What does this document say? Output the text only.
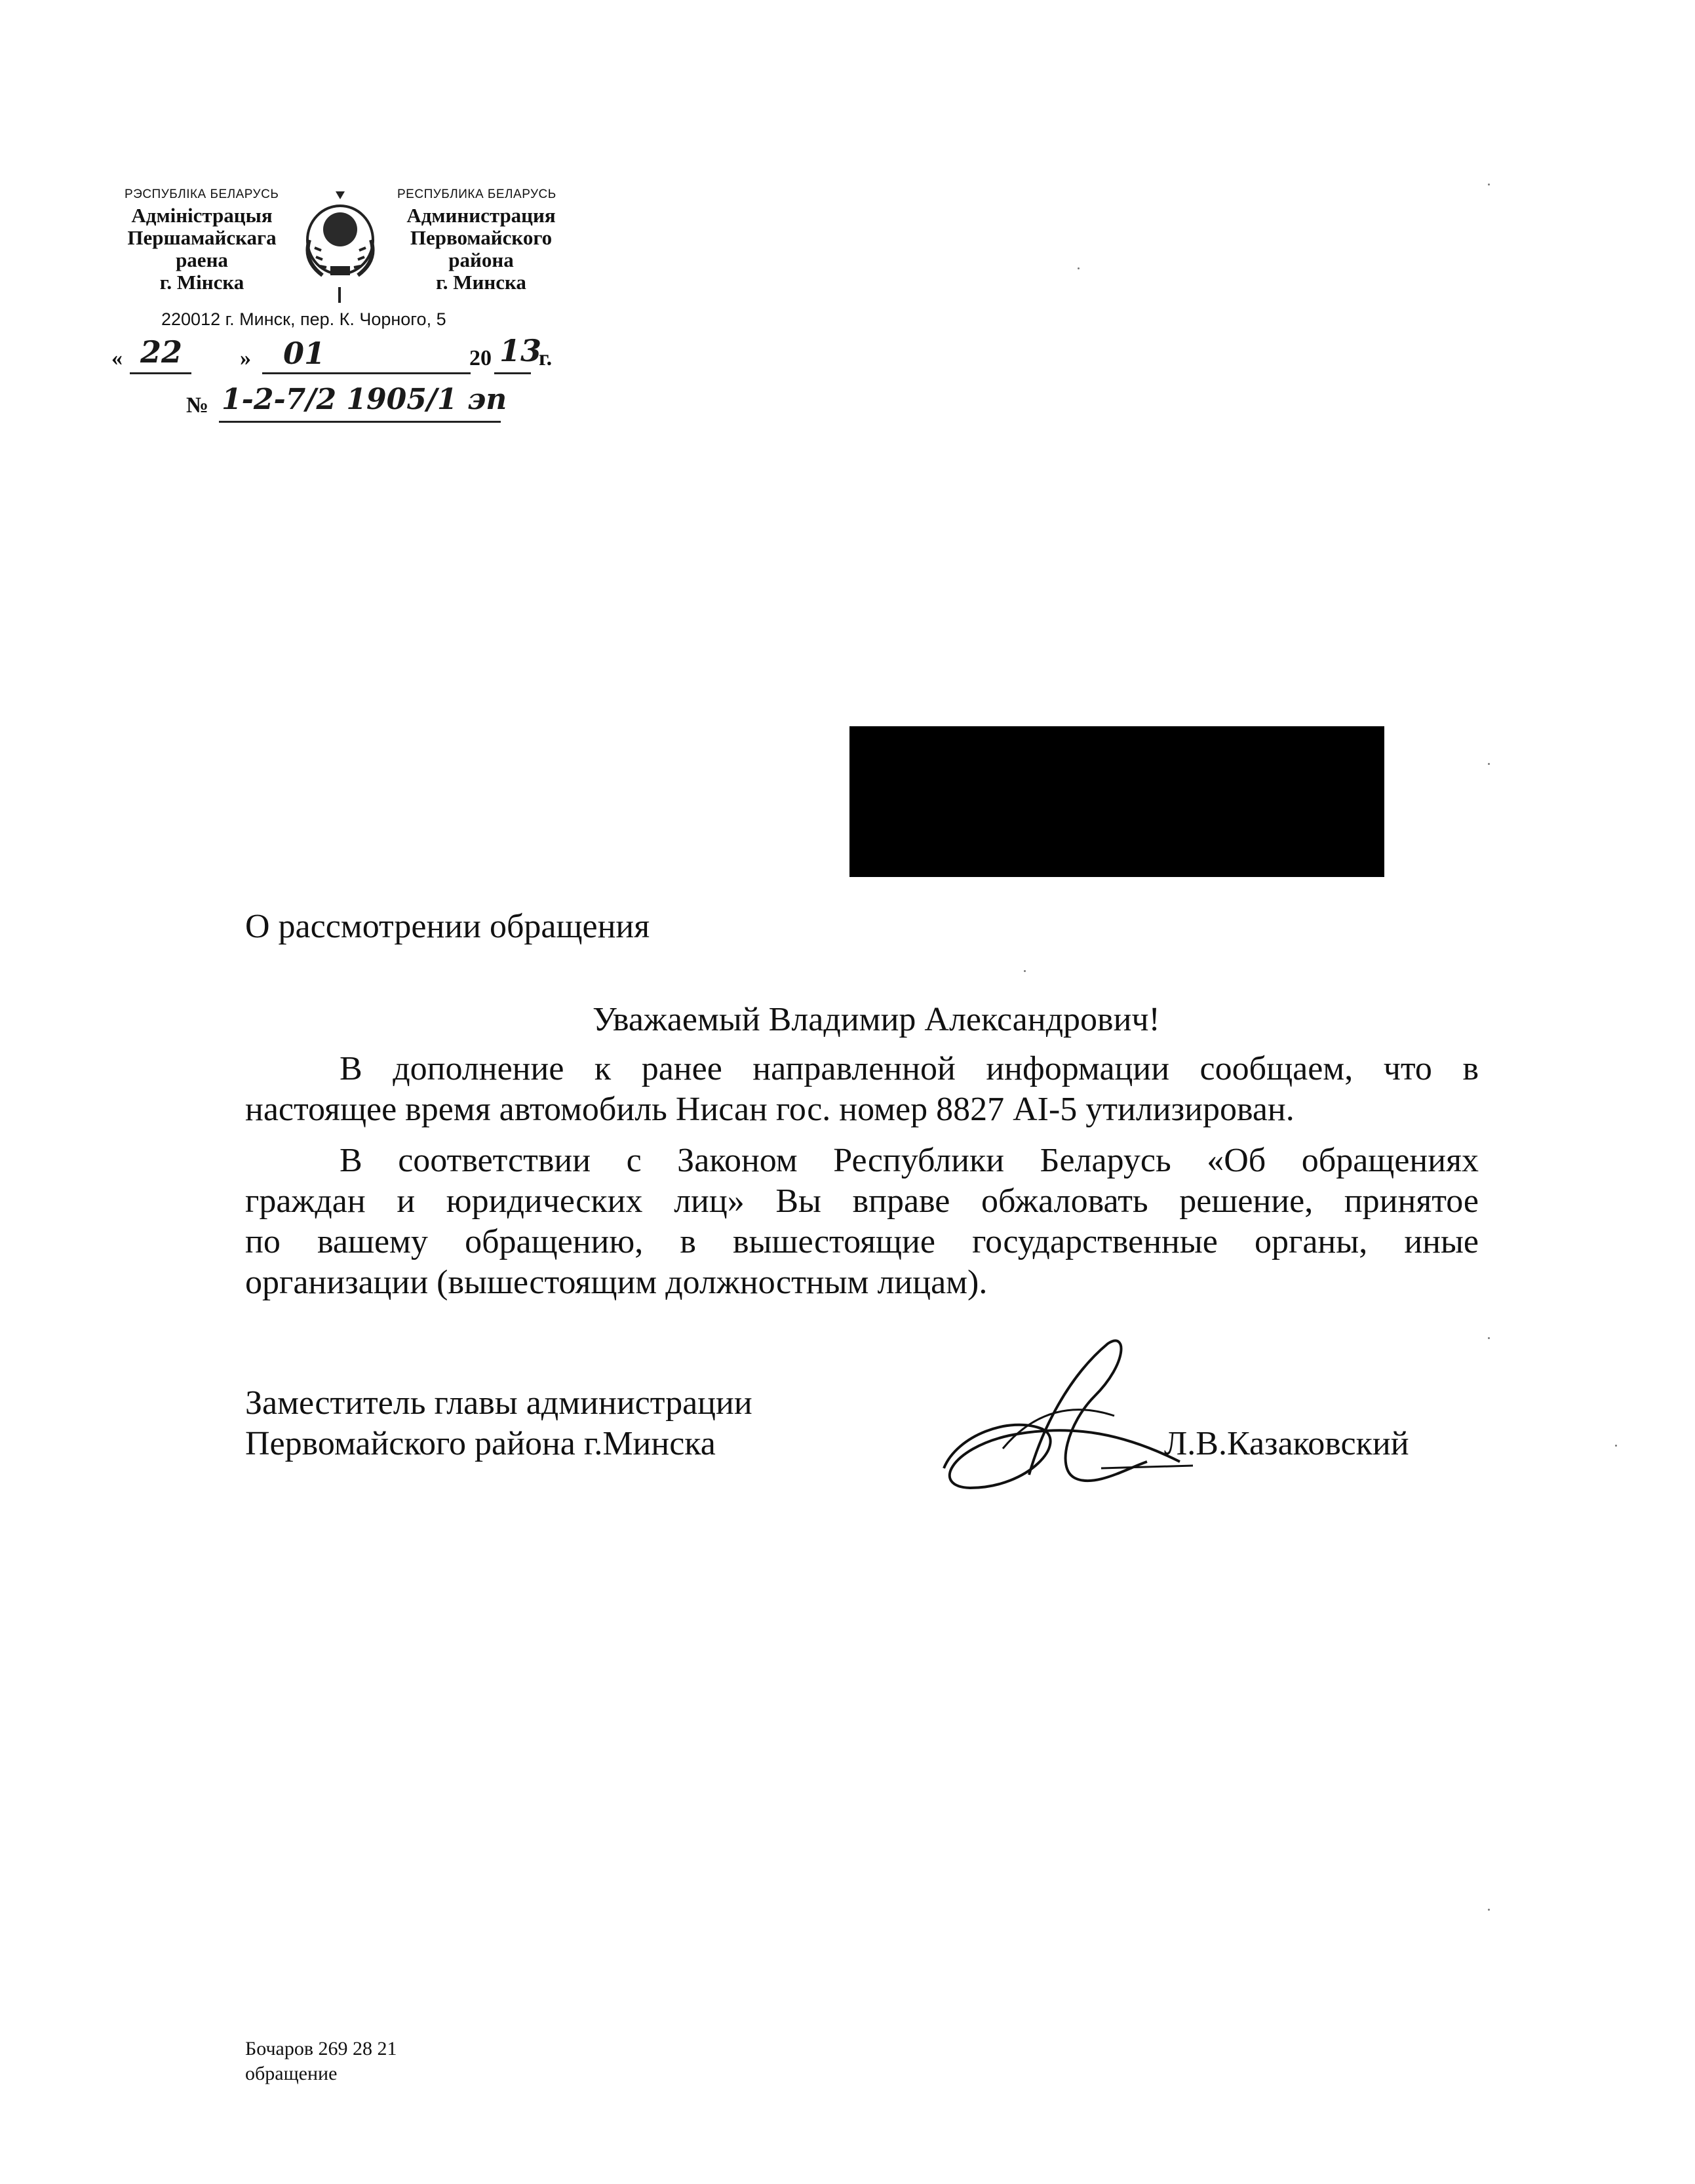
РЭСПУБЛІКА БЕЛАРУСЬ	РЕСПУБЛИКА БЕЛАРУСЬ
Адміністрацыя
Першамайскага
раена
г. Мінска
Администрация
Первомайского
района
г. Минска
220012 г. Минск, пер. К. Чорного, 5
« 22	» 01	20 13
г.
№ 1-2-7/2 1905/1 эп
О рассмотрении обращения
Уважаемый Владимир Александрович!
В дополнение к ранее направленной информации сообщаем, что в
настоящее время автомобиль Нисан гос. номер 8827 AI-5 утилизирован.
В соответствии с Законом Республики Беларусь «Об обращениях
граждан и юридических лиц» Вы вправе обжаловать решение, принятое
по вашему обращению, в вышестоящие государственные органы, иные
организации (вышестоящим должностным лицам).
Заместитель главы администрации
Первомайского района г.Минска	Л.В.Казаковский
Бочаров 269 28 21
обращение
